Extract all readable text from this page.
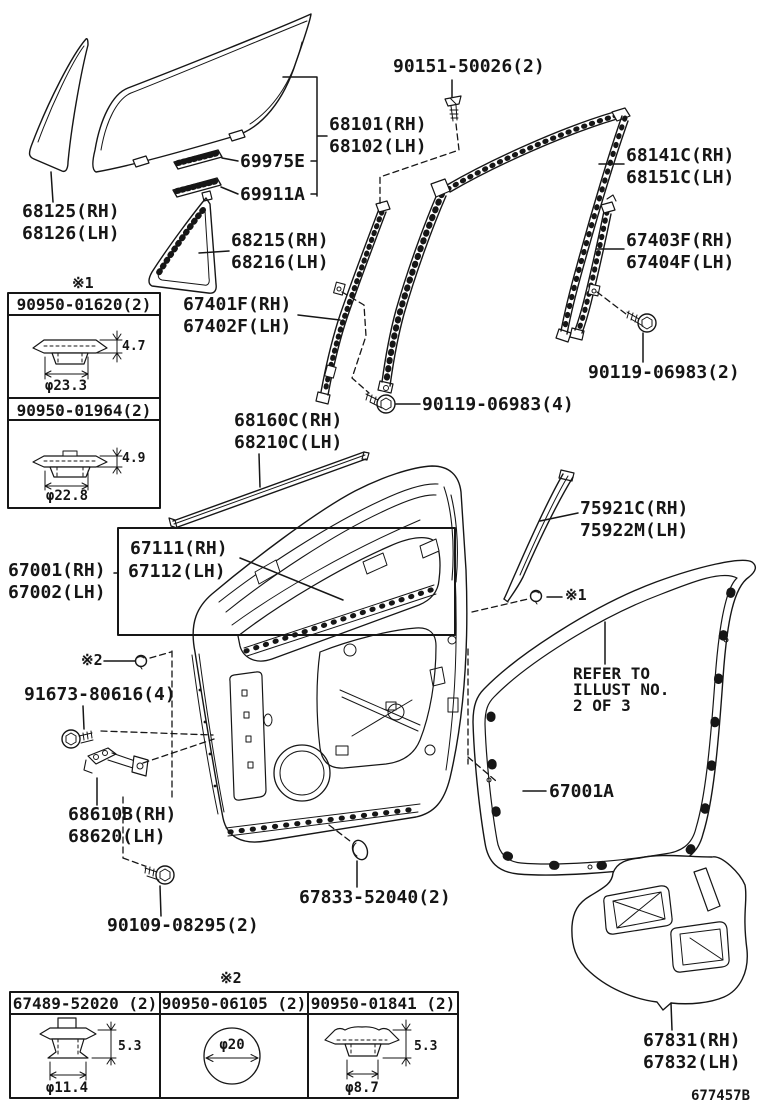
90151-50026(2)
68101(RH)
68102(LH)
69975E
69911A
68125(RH)
68126(LH)	68215(RH)
68216(LH)
68141C(RH)
68151C(LH)
67403F(RH)
67404F(LH)
※1
90950-01620(2)
4.7
φ23.3
90950-01964(2)
4.9
φ22.8
67401F(RH)
67402F(LH)
90119-06983(2)
90119-06983(4)
68160C(RH)
68210C(LH)
75921C(RH)
75922M(LH)
67111(RH)
67112(LH)
67001(RH)
67002(LH)
※2
91673-80616(4)
※1
REFER TO
ILLUST NO.
2 OF 3
67001A
68610B(RH)
68620(LH)
67833-52040(2)
90109-08295(2)
※2
67489-52020 (2)
5.3
φ11.4
90950-06105 (2)
φ20
90950-01841 (2)
5.3
φ8.7
67831(RH)
67832(LH)
677457B
